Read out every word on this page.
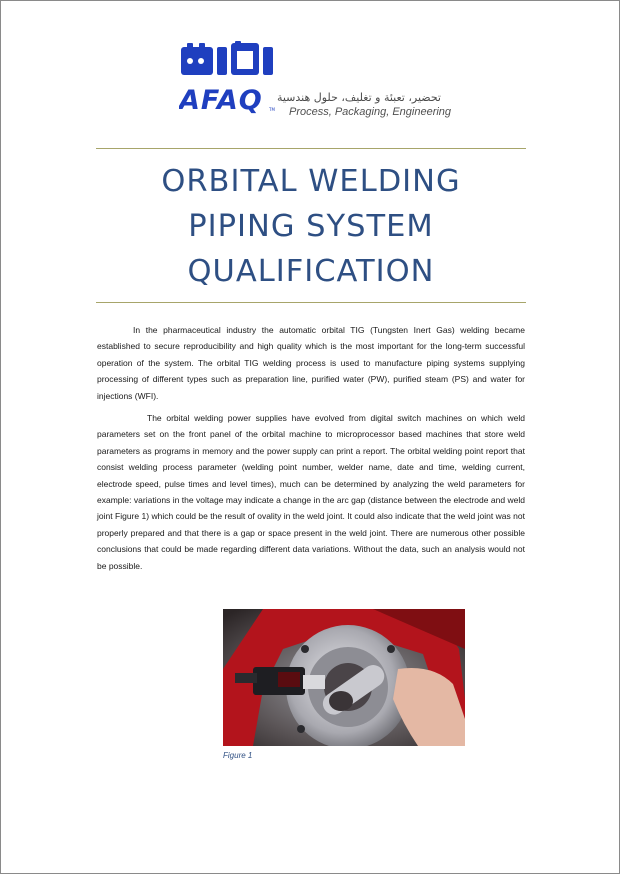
AFAQ TM
تحضير، تعبئة و تغليف، حلول هندسية
Process, Packaging, Engineering
ORBITAL WELDING
PIPING SYSTEM
QUALIFICATION

In the pharmaceutical industry the automatic orbital TIG (Tungsten Inert Gas) welding became established to secure reproducibility and high quality which is the most important for the long-term successful operation of the system. The orbital TIG welding process is used to manufacture piping systems supplying processing of different types such as preparation line, purified water (PW), purified steam (PS) and water for injections (WFI).

The orbital welding power supplies have evolved from digital switch machines on which weld parameters set on the front panel of the orbital machine to microprocessor based machines that store weld parameters as programs in memory and the power supply can print a report. The orbital welding point report that consist welding process parameter (welding point number, welder name, date and time, welding current, electrode speed, pulse times and level times), much can be determined by analyzing the weld parameters for example: variations in the voltage may indicate a change in the arc gap (distance between the electrode and weld joint Figure 1) which could be the result of ovality in the weld joint. It could also indicate that the weld joint was not properly prepared and that there is a gap or space present in the weld joint. There are numerous other possible conclusions that could be made regarding different data variations. Without the data, such an analysis would not be possible.

Figure 1
